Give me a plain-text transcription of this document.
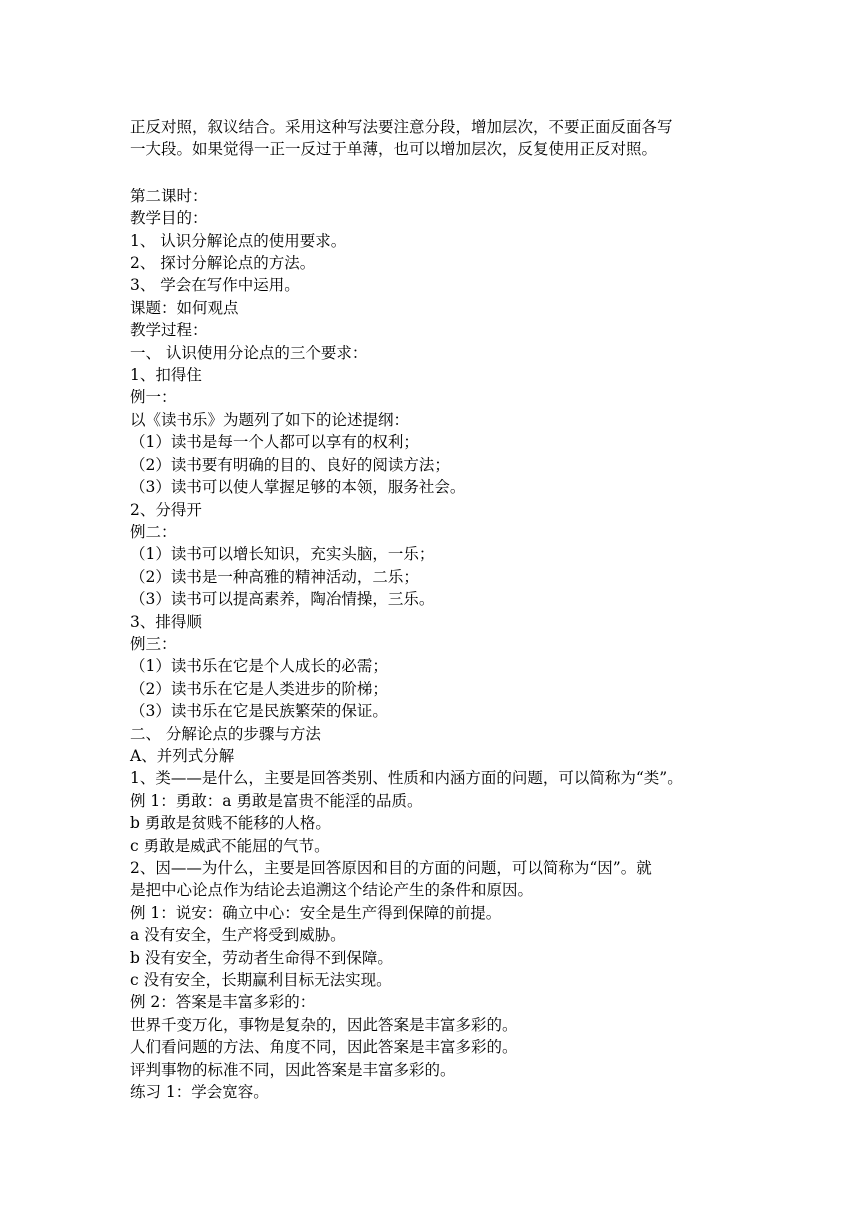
正反对照，叙议结合。采用这种写法要注意分段，增加层次，不要正面反面各写
一大段。如果觉得一正一反过于单薄，也可以增加层次，反复使用正反对照。
第二课时：
教学目的：
1、 认识分解论点的使用要求。
2、 探讨分解论点的方法。
3、 学会在写作中运用。
课题：如何观点
教学过程：
一、 认识使用分论点的三个要求：
1、扣得住
例一：
以《读书乐》为题列了如下的论述提纲：
（1）读书是每一个人都可以享有的权利；
（2）读书要有明确的目的、良好的阅读方法；
（3）读书可以使人掌握足够的本领，服务社会。
2、分得开
例二：
（1）读书可以增长知识，充实头脑，一乐；
（2）读书是一种高雅的精神活动，二乐；
（3）读书可以提高素养，陶冶情操，三乐。
3、排得顺
例三：
（1）读书乐在它是个人成长的必需；
（2）读书乐在它是人类进步的阶梯；
（3）读书乐在它是民族繁荣的保证。
二、 分解论点的步骤与方法
A、并列式分解
1、类——是什么，主要是回答类别、性质和内涵方面的问题，可以简称为“类”。
例 1：勇敢：a 勇敢是富贵不能淫的品质。
b 勇敢是贫贱不能移的人格。
c 勇敢是威武不能屈的气节。
2、因——为什么，主要是回答原因和目的方面的问题，可以简称为“因”。就
是把中心论点作为结论去追溯这个结论产生的条件和原因。
例 1：说安：确立中心：安全是生产得到保障的前提。
a 没有安全，生产将受到威胁。
b 没有安全，劳动者生命得不到保障。
c 没有安全，长期赢利目标无法实现。
例 2：答案是丰富多彩的：
世界千变万化，事物是复杂的，因此答案是丰富多彩的。
人们看问题的方法、角度不同，因此答案是丰富多彩的。
评判事物的标准不同，因此答案是丰富多彩的。
练习 1：学会宽容。
